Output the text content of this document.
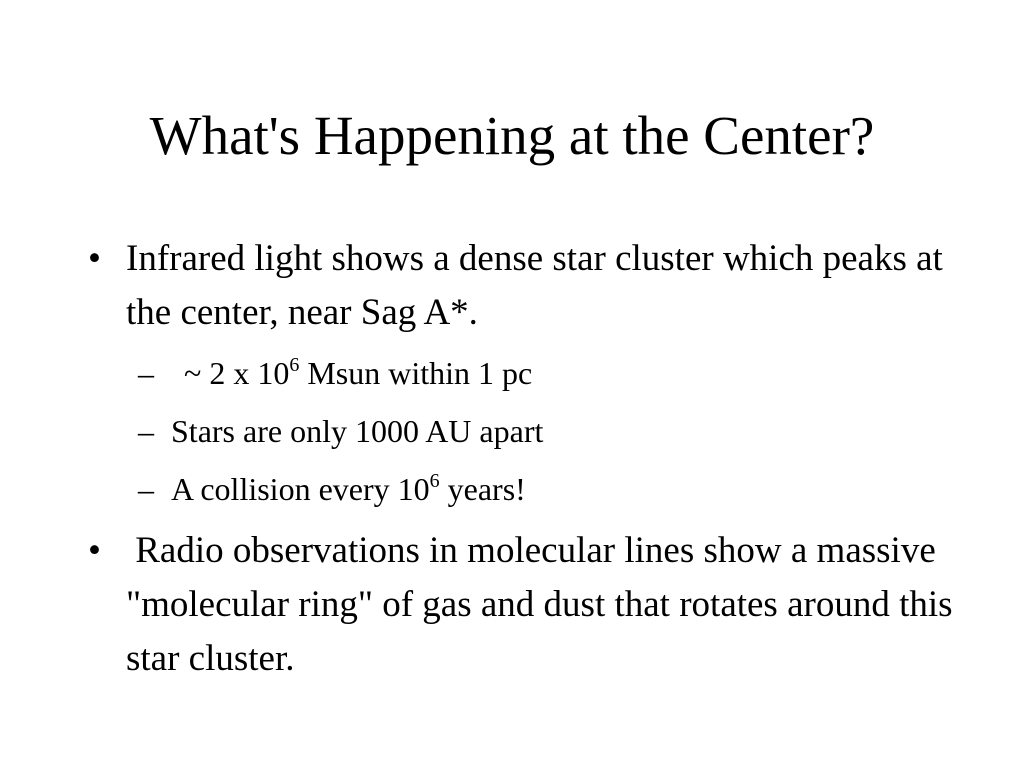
What's Happening at the Center?
• Infrared light shows a dense star cluster which peaks at the center, near Sag A*.
– ~ 2 x $10^6$ Msun within 1 pc
– Stars are only 1000 AU apart
– A collision every $10^6$ years!
• Radio observations in molecular lines show a massive "molecular ring" of gas and dust that rotates around this star cluster.
